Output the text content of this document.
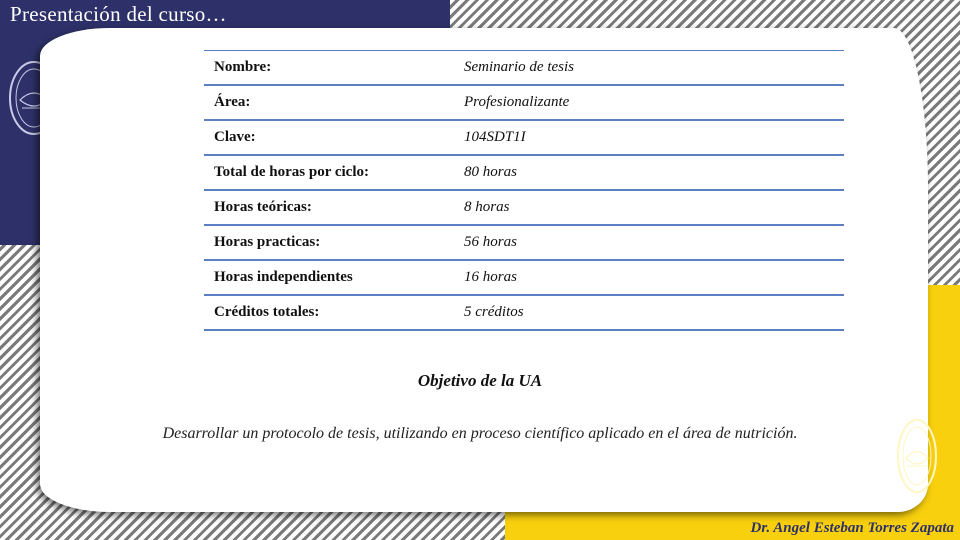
Presentación del curso…

Objetivo de la UA

Desarrollar un protocolo de tesis, utilizando en proceso científico aplicado en el área de nutrición.

Nombre:	Seminario de tesis
Área:	Profesionalizante
Clave:	104SDT1I
Total de horas por ciclo:	80 horas
Horas teóricas:	8 horas
Horas practicas:	56 horas
Horas independientes	16 horas
Créditos totales:	5 créditos

Dr. Angel Esteban Torres Zapata
